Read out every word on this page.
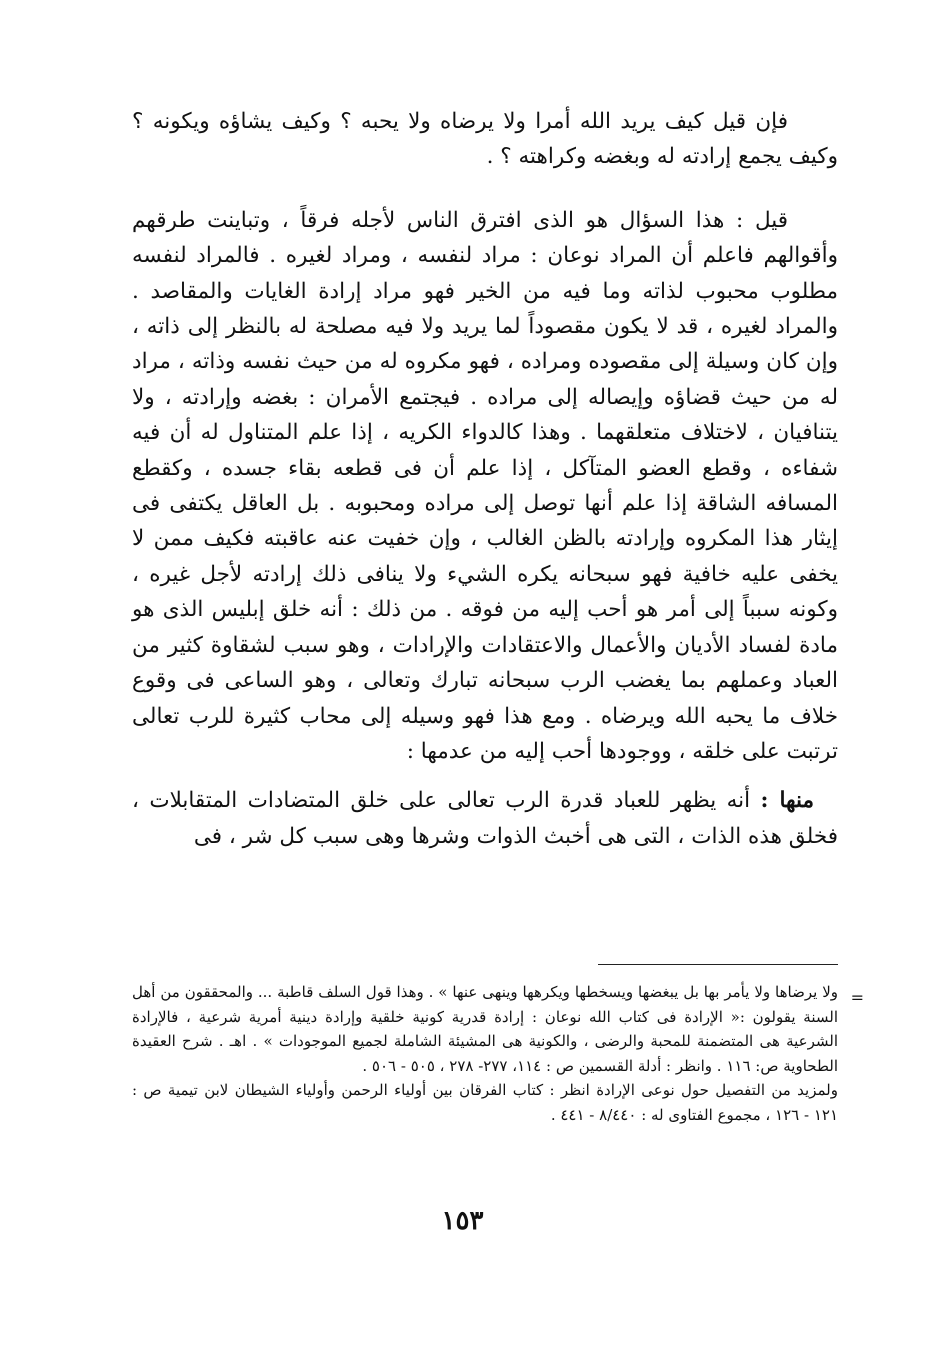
فإن قيل كيف يريد الله أمرا ولا يرضاه ولا يحبه ؟ وكيف يشاؤه ويكونه ؟ وكيف يجمع إرادته له وبغضه وكراهته ؟ .

قيل : هذا السؤال هو الذى افترق الناس لأجله فرقاً ، وتباينت طرقهم وأقوالهم فاعلم أن المراد نوعان : مراد لنفسه ، ومراد لغيره . فالمراد لنفسه مطلوب محبوب لذاته وما فيه من الخير فهو مراد إرادة الغايات والمقاصد . والمراد لغيره ، قد لا يكون مقصوداً لما يريد ولا فيه مصلحة له بالنظر إلى ذاته ، وإن كان وسيلة إلى مقصوده ومراده ، فهو مكروه له من حيث نفسه وذاته ، مراد له من حيث قضاؤه وإيصاله إلى مراده . فيجتمع الأمران : بغضه وإرادته ، ولا يتنافيان ، لاختلاف متعلقهما . وهذا كالدواء الكريه ، إذا علم المتناول له أن فيه شفاءه ، وقطع العضو المتآكل ، إذا علم أن فى قطعه بقاء جسده ، وكقطع المسافه الشاقة إذا علم أنها توصل إلى مراده ومحبوبه . بل العاقل يكتفى فى إيثار هذا المكروه وإرادته بالظن الغالب ، وإن خفيت عنه عاقبته فكيف ممن لا يخفى عليه خافية فهو سبحانه يكره الشيء ولا ينافى ذلك إرادته لأجل غيره ، وكونه سبباً إلى أمر هو أحب إليه من فوقه . من ذلك : أنه خلق إبليس الذى هو مادة لفساد الأديان والأعمال والاعتقادات والإرادات ، وهو سبب لشقاوة كثير من العباد وعملهم بما يغضب الرب سبحانه تبارك وتعالى ، وهو الساعى فى وقوع خلاف ما يحبه الله ويرضاه . ومع هذا فهو وسيله إلى محاب كثيرة للرب تعالى ترتبت على خلقه ، ووجودها أحب إليه من عدمها :

منها : أنه يظهر للعباد قدرة الرب تعالى على خلق المتضادات المتقابلات ، فخلق هذه الذات ، التى هى أخبث الذوات وشرها وهى سبب كل شر ، فى

=

ولا يرضاها ولا يأمر بها بل يبغضها ويسخطها ويكرهها وينهى عنها » . وهذا قول السلف قاطبة ... والمحققون من أهل السنة يقولون :« الإرادة فى كتاب الله نوعان : إرادة قدرية كونية خلقية وإرادة دينية أمرية شرعية ، فالإرادة الشرعية هى المتضمنة للمحبة والرضى ، والكونية هى المشيئة الشاملة لجميع الموجودات » . اهـ . شرح العقيدة الطحاوية ص: ١١٦ . وانظر : أدلة القسمين ص : ١١٤، ٢٧٧- ٢٧٨ ، ٥٠٥ - ٥٠٦ .

ولمزيد من التفصيل حول نوعى الإرادة انظر : كتاب الفرقان بين أولياء الرحمن وأولياء الشيطان لابن تيمية ص : ١٢١ - ١٢٦ ، مجموع الفتاوى له : ٨/٤٤٠ - ٤٤١ .

١٥٣
